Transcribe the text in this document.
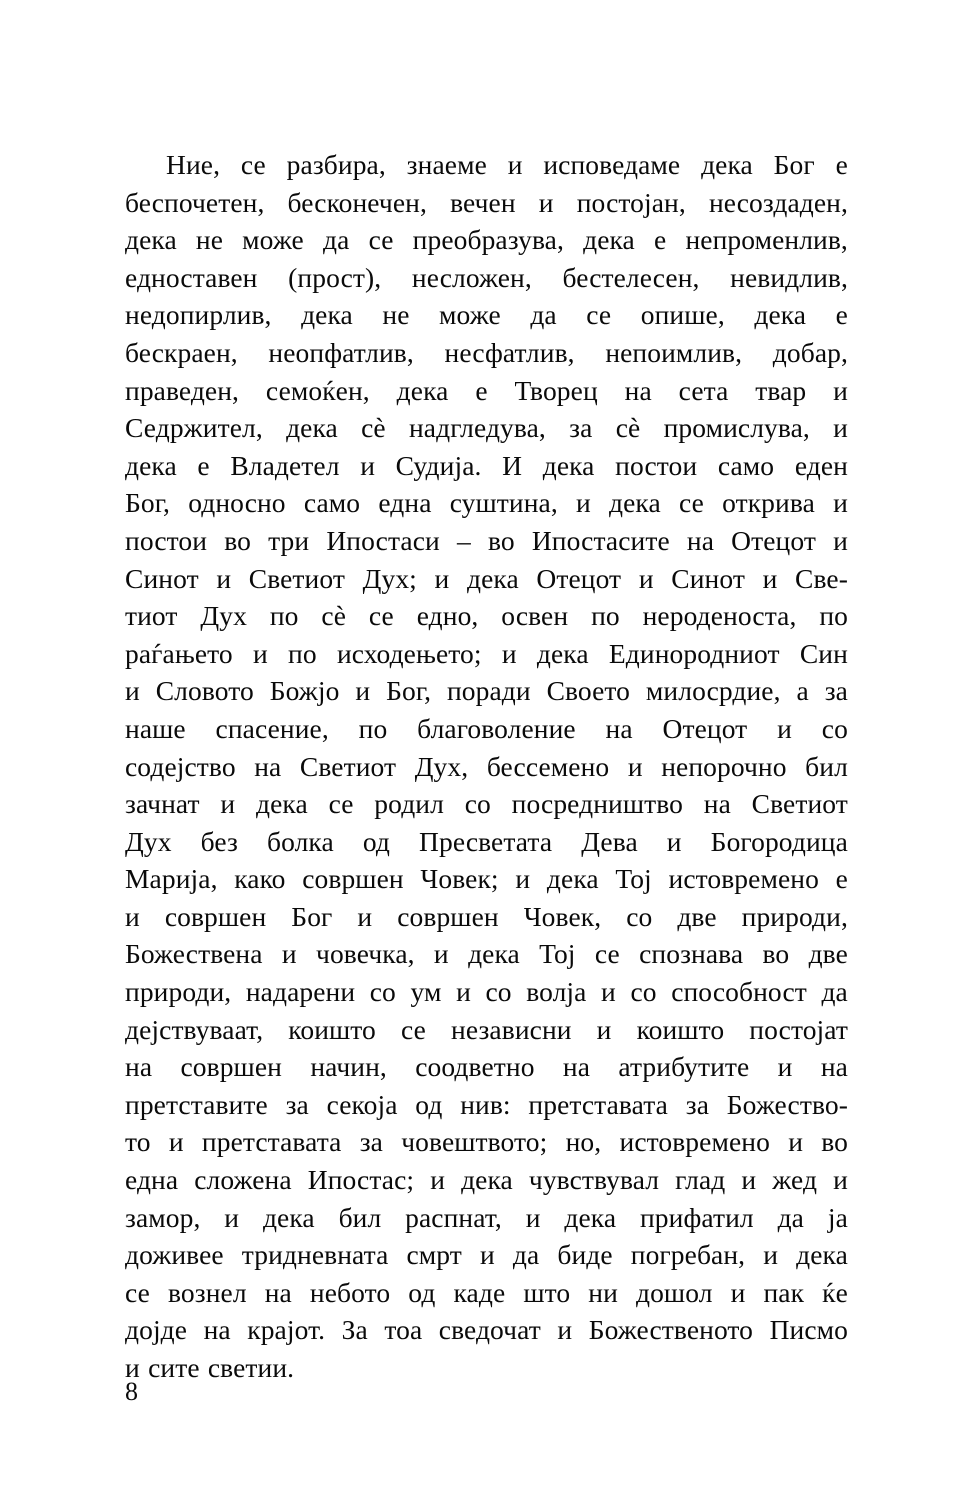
Ние, се разбира, знаеме и исповедаме дека Бог е
беспочетен, бесконечен, вечен и постојан, несоздаден,
дека не може да се преобразува, дека е непроменлив,
едноставен (прост), несложен, бестелесен, невидлив,
недопирлив, дека не може да се опише, дека е
бескраен, неопфатлив, несфатлив, непоимлив, добар,
праведен, семоќен, дека е Творец на сета твар и
Седржител, дека сѐ надгледува, за сѐ промислува, и
дека е Владетел и Судија. И дека постои само еден
Бог, односно само една суштина, и дека се открива и
постои во три Ипостаси – во Ипостасите на Отецот и
Синот и Светиот Дух; и дека Отецот и Синот и Све-
тиот Дух по сѐ се едно, освен по нероденоста, по
раѓањето и по исходењето; и дека Единородниот Син
и Словото Божјо и Бог, поради Своето милосрдие, а за
наше спасение, по благоволение на Отецот и со
содејство на Светиот Дух, бессемено и непорочно бил
зачнат и дека се родил со посредништво на Светиот
Дух без болка од Пресветата Дева и Богородица
Марија, како совршен Човек; и дека Тој истовремено е
и совршен Бог и совршен Човек, со две природи,
Божествена и човечка, и дека Тој се спознава во две
природи, надарени со ум и со волја и со способност да
дејствуваат, коишто се независни и коишто постојат
на совршен начин, соодветно на атрибутите и на
претставите за секоја од нив: претставата за Божество-
то и претставата за човештвото; но, истовремено и во
една сложена Ипостас; и дека чувствувал глад и жед и
замор, и дека бил распнат, и дека прифатил да ја
доживее тридневната смрт и да биде погребан, и дека
се вознел на небото од каде што ни дошол и пак ќе
дојде на крајот. За тоа сведочат и Божественото Писмо
и сите светии.
8
